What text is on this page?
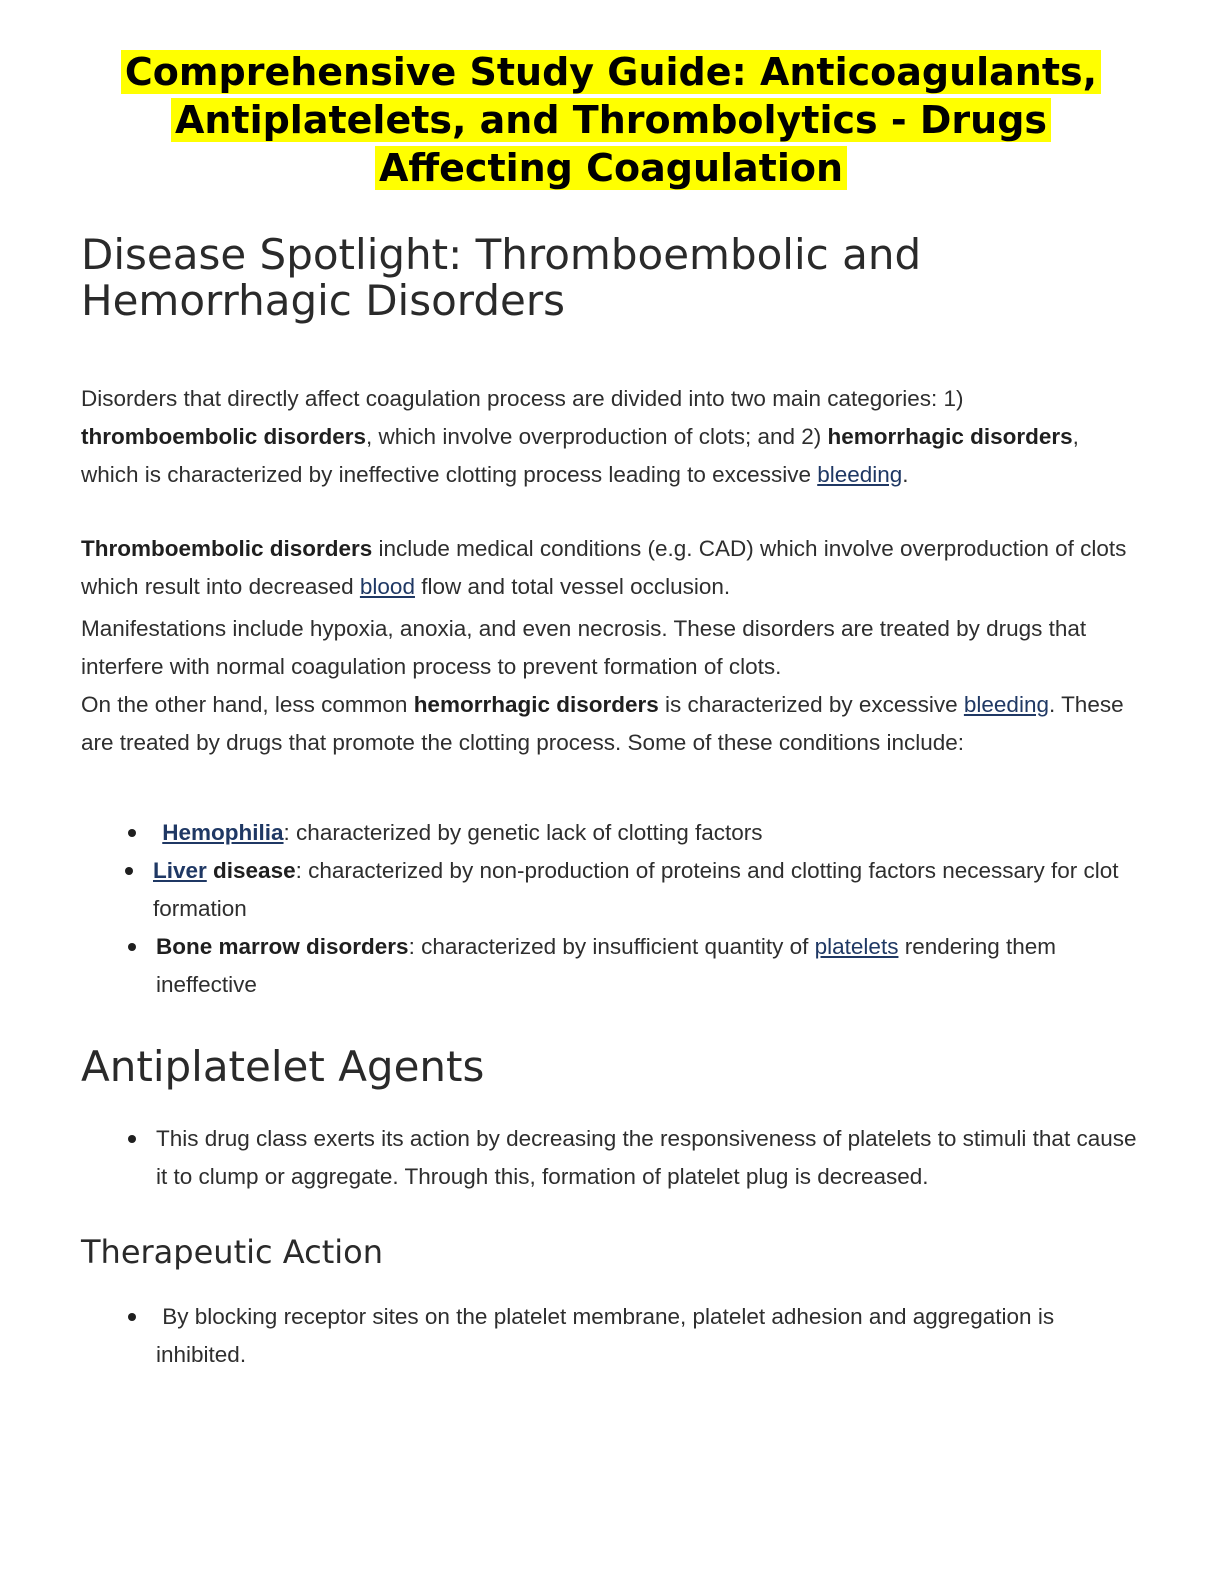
Comprehensive Study Guide: Anticoagulants, Antiplatelets, and Thrombolytics - Drugs Affecting Coagulation
Disease Spotlight: Thromboembolic and Hemorrhagic Disorders

Disorders that directly affect coagulation process are divided into two main categories: 1) thromboembolic disorders, which involve overproduction of clots; and 2) hemorrhagic disorders, which is characterized by ineffective clotting process leading to excessive bleeding.

Thromboembolic disorders include medical conditions (e.g. CAD) which involve overproduction of clots which result into decreased blood flow and total vessel occlusion.

Manifestations include hypoxia, anoxia, and even necrosis. These disorders are treated by drugs that interfere with normal coagulation process to prevent formation of clots.

On the other hand, less common hemorrhagic disorders is characterized by excessive bleeding. These are treated by drugs that promote the clotting process. Some of these conditions include:

Hemophilia: characterized by genetic lack of clotting factors
Liver disease: characterized by non-production of proteins and clotting factors necessary for clot formation
Bone marrow disorders: characterized by insufficient quantity of platelets rendering them ineffective
Antiplatelet Agents
This drug class exerts its action by decreasing the responsiveness of platelets to stimuli that cause it to clump or aggregate. Through this, formation of platelet plug is decreased.
Therapeutic Action
By blocking receptor sites on the platelet membrane, platelet adhesion and aggregation is inhibited.
